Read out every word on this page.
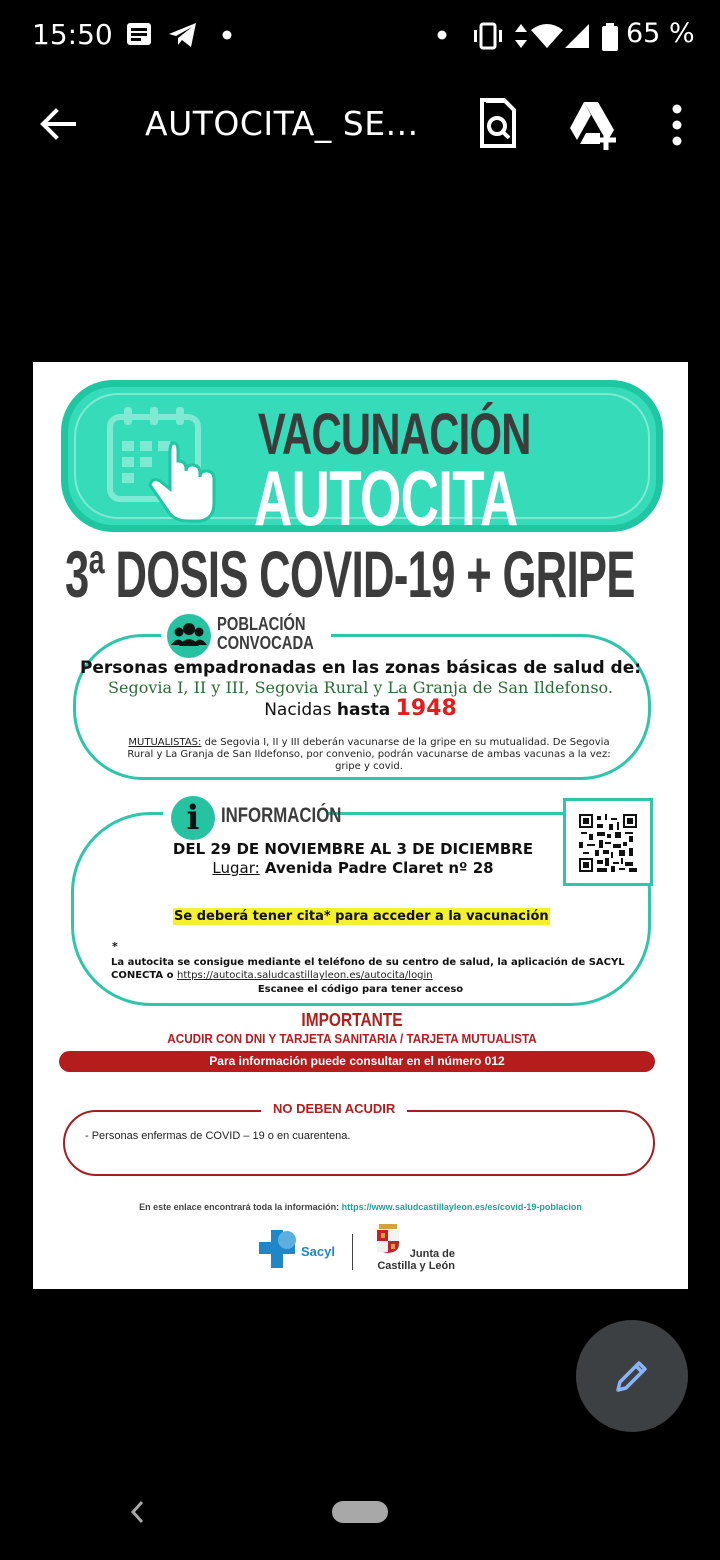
15:50	65 %
AUTOCITA_ SE...
VACUNACIÓN
AUTOCITA
3ª DOSIS COVID-19 + GRIPE
POBLACIÓN
CONVOCADA
Personas empadronadas en las zonas básicas de salud de:
Segovia I, II y III, Segovia Rural y La Granja de San Ildefonso.
Nacidas hasta 1948
MUTUALISTAS: de Segovia I, II y III deberán vacunarse de la gripe en su mutualidad. De Segovia Rural y La Granja de San Ildefonso, por convenio, podrán vacunarse de ambas vacunas a la vez: gripe y covid.
i	INFORMACIÓN
DEL 29 DE NOVIEMBRE AL 3 DE DICIEMBRE
Lugar: Avenida Padre Claret nº 28
Se deberá tener cita* para acceder a la vacunación
*
La autocita se consigue mediante el teléfono de su centro de salud, la aplicación de SACYL CONECTA o https://autocita.saludcastillayleon.es/autocita/login
Escanee el código para tener acceso
IMPORTANTE
ACUDIR CON DNI Y TARJETA SANITARIA / TARJETA MUTUALISTA
Para información puede consultar en el número 012
NO DEBEN ACUDIR
- Personas enfermas de COVID – 19 o en cuarentena.
En este enlace encontrará toda la información: https://www.saludcastillayleon.es/es/covid-19-poblacion
Sacyl	Junta de
Castilla y León
